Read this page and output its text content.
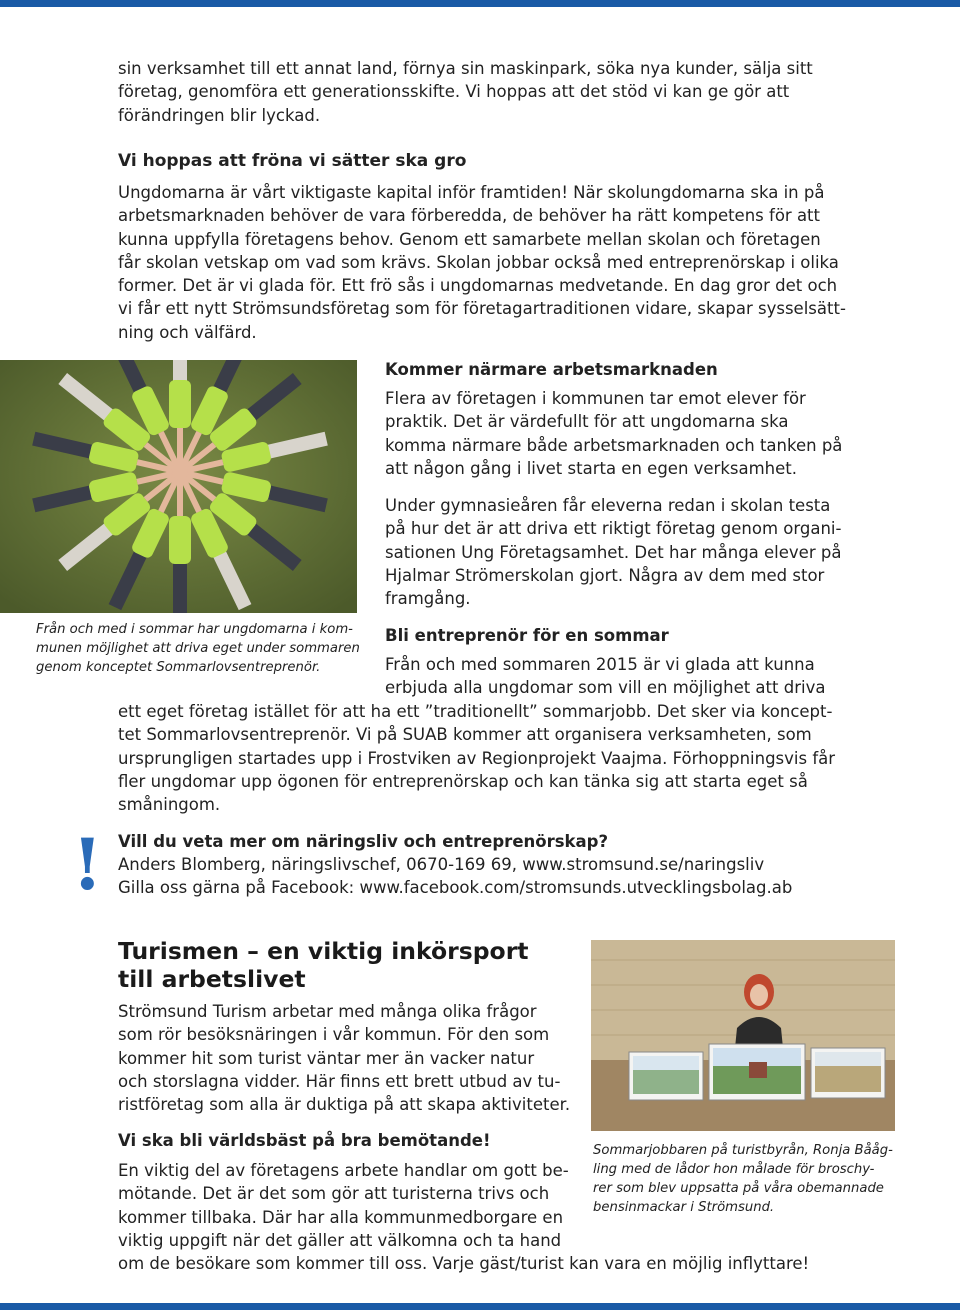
sin verksamhet till ett annat land, förnya sin maskinpark, söka nya kunder, sälja sitt
företag, genomföra ett generationsskifte. Vi hoppas att det stöd vi kan ge gör att
förändringen blir lyckad.
Vi hoppas att fröna vi sätter ska gro
Ungdomarna är vårt viktigaste kapital inför framtiden! När skolungdomarna ska in på
arbetsmarknaden behöver de vara förberedda, de behöver ha rätt kompetens för att
kunna uppfylla företagens behov. Genom ett samarbete mellan skolan och företagen
får skolan vetskap om vad som krävs. Skolan jobbar också med entreprenörskap i olika
former. Det är vi glada för. Ett frö sås i ungdomarnas medvetande. En dag gror det och
vi får ett nytt Strömsundsföretag som för företagartraditionen vidare, skapar sysselsätt-
ning och välfärd.
Från och med i sommar har ungdomarna i kom-
munen möjlighet att driva eget under sommaren
genom konceptet Sommarlovsentreprenör.
Kommer närmare arbetsmarknaden
Flera av företagen i kommunen tar emot elever för
praktik. Det är värdefullt för att ungdomarna ska
komma närmare både arbetsmarknaden och tanken på
att någon gång i livet starta en egen verksamhet.
Under gymnasieåren får eleverna redan i skolan testa
på hur det är att driva ett riktigt företag genom organi-
sationen Ung Företagsamhet. Det har många elever på
Hjalmar Strömerskolan gjort. Några av dem med stor
framgång.
Bli entreprenör för en sommar
Från och med sommaren 2015 är vi glada att kunna
erbjuda alla ungdomar som vill en möjlighet att driva
ett eget företag istället för att ha ett ”traditionellt” sommarjobb. Det sker via koncept-
tet Sommarlovsentreprenör. Vi på SUAB kommer att organisera verksamheten, som
ursprungligen startades upp i Frostviken av Regionprojekt Vaajma. Förhoppningsvis får
fler ungdomar upp ögonen för entreprenörskap och kan tänka sig att starta eget så
småningom.
! Vill du veta mer om näringsliv och entreprenörskap?
Anders Blomberg, näringslivschef, 0670-169 69, www.stromsund.se/naringsliv
Gilla oss gärna på Facebook: www.facebook.com/stromsunds.utvecklingsbolag.ab
Turismen – en viktig inkörsport
till arbetslivet
Strömsund Turism arbetar med många olika frågor
som rör besöksnäringen i vår kommun. För den som
kommer hit som turist väntar mer än vacker natur
och storslagna vidder. Här finns ett brett utbud av tu-
ristföretag som alla är duktiga på att skapa aktiviteter.
Vi ska bli världsbäst på bra bemötande!
En viktig del av företagens arbete handlar om gott be-
mötande. Det är det som gör att turisterna trivs och
kommer tillbaka. Där har alla kommunmedborgare en
viktig uppgift när det gäller att välkomna och ta hand
om de besökare som kommer till oss. Varje gäst/turist kan vara en möjlig inflyttare!
Sommarjobbaren på turistbyrån, Ronja Bååg-
ling med de lådor hon målade för broschy-
rer som blev uppsatta på våra obemannade
bensinmackar i Strömsund.
